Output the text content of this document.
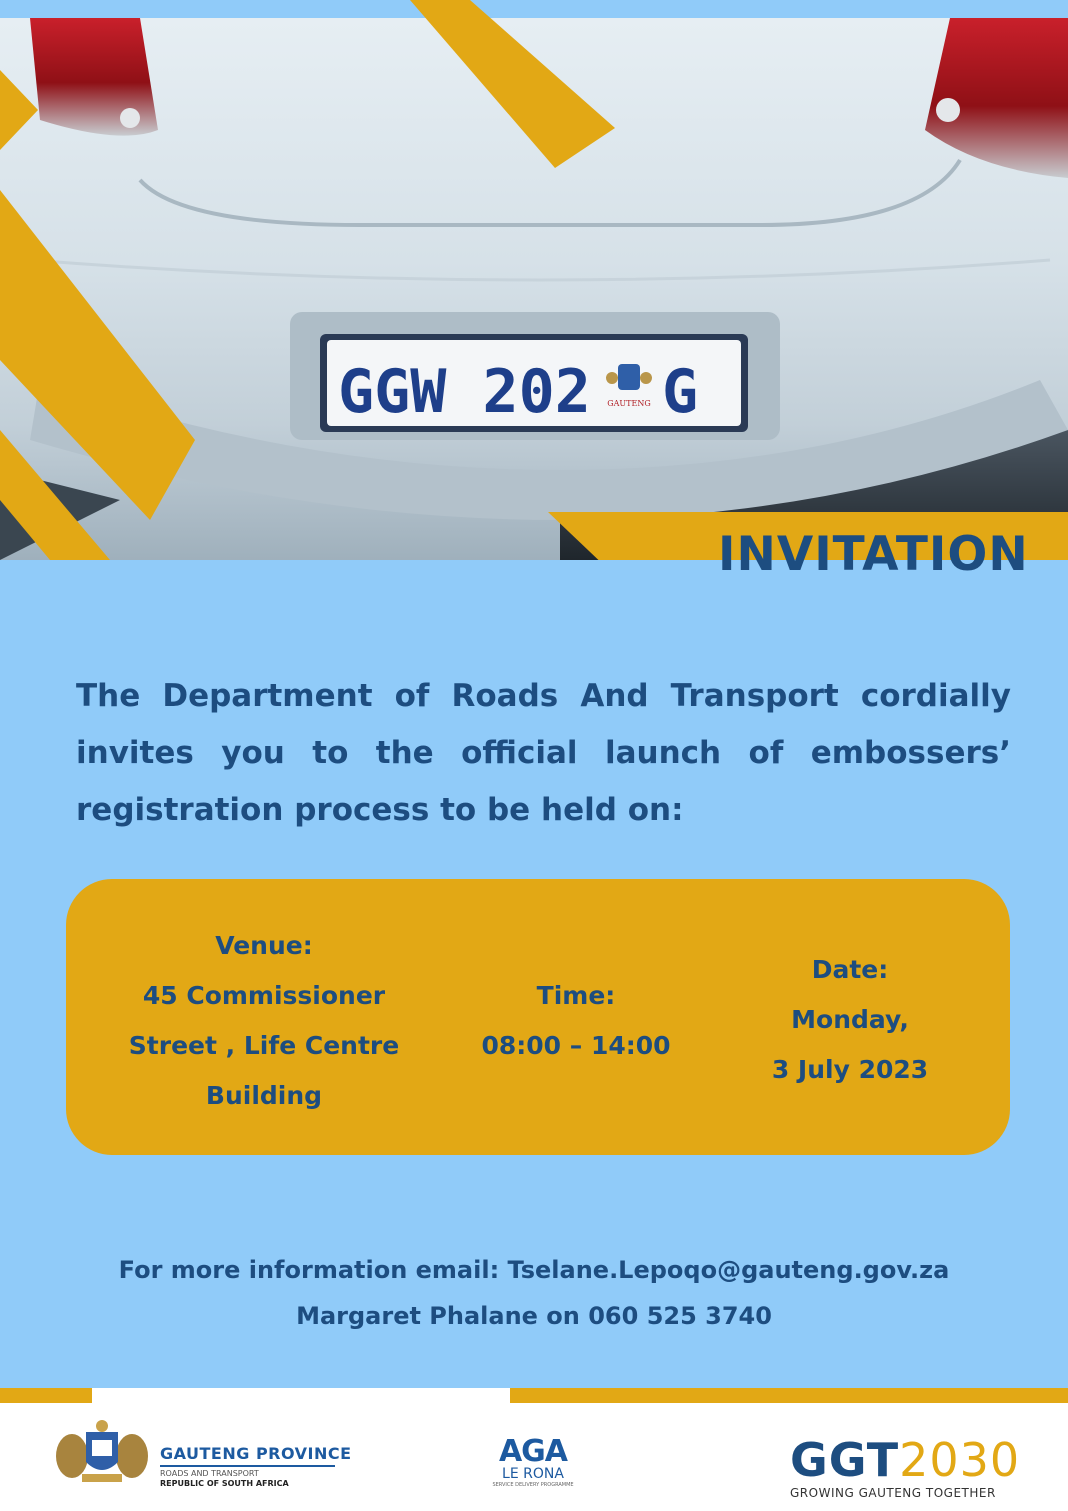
GGW 202 G
GAUTENG
INVITATION
The Department of Roads And Transport cordially invites you to the official launch of embossers’ registration process to be held on:
Venue:
45 Commissioner
Street , Life Centre
Building
Time:
08:00 – 14:00
Date:
Monday,
3 July 2023
For more information email: Tselane.Lepoqo@gauteng.gov.za
Margaret Phalane on 060 525 3740
GAUTENG PROVINCE
ROADS AND TRANSPORT
REPUBLIC OF SOUTH AFRICA
AGA
LE RONA
SERVICE DELIVERY PROGRAMME	GGT2030
GROWING GAUTENG TOGETHER
